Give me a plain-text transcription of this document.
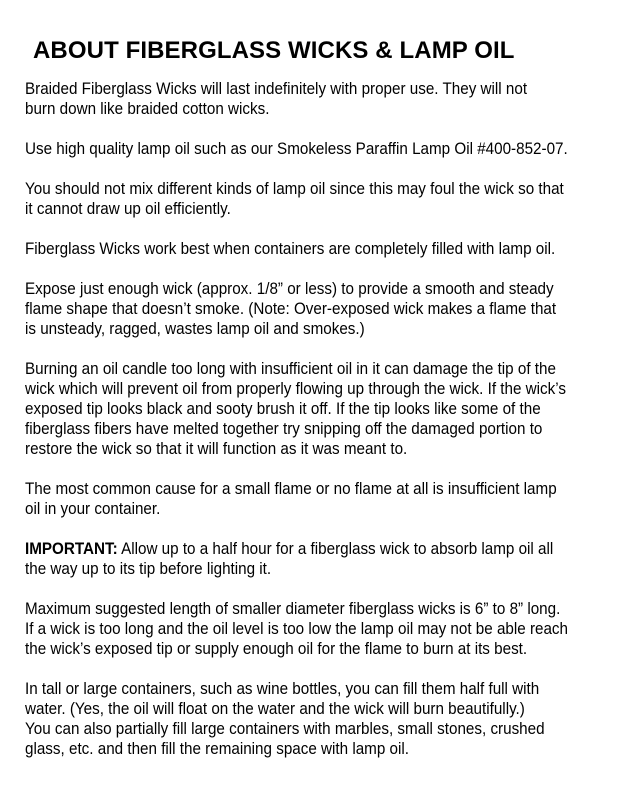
ABOUT FIBERGLASS WICKS & LAMP OIL

Braided Fiberglass Wicks will last indefinitely with proper use. They will not
burn down like braided cotton wicks.

Use high quality lamp oil such as our Smokeless Paraffin Lamp Oil #400-852-07.

You should not mix different kinds of lamp oil since this may foul the wick so that
it cannot draw up oil efficiently.

Fiberglass Wicks work best when containers are completely filled with lamp oil.

Expose just enough wick (approx. 1/8” or less) to provide a smooth and steady
flame shape that doesn’t smoke. (Note: Over-exposed wick makes a flame that
is unsteady, ragged, wastes lamp oil and smokes.)

Burning an oil candle too long with insufficient oil in it can damage the tip of the
wick which will prevent oil from properly flowing up through the wick. If the wick’s
exposed tip looks black and sooty brush it off. If the tip looks like some of the
fiberglass fibers have melted together try snipping off the damaged portion to
restore the wick so that it will function as it was meant to.

The most common cause for a small flame or no flame at all is insufficient lamp
oil in your container.

IMPORTANT: Allow up to a half hour for a fiberglass wick to absorb lamp oil all
the way up to its tip before lighting it.

Maximum suggested length of smaller diameter fiberglass wicks is 6” to 8” long.
If a wick is too long and the oil level is too low the lamp oil may not be able reach
the wick’s exposed tip or supply enough oil for the flame to burn at its best.

In tall or large containers, such as wine bottles, you can fill them half full with
water. (Yes, the oil will float on the water and the wick will burn beautifully.)
You can also partially fill large containers with marbles, small stones, crushed
glass, etc. and then fill the remaining space with lamp oil.
